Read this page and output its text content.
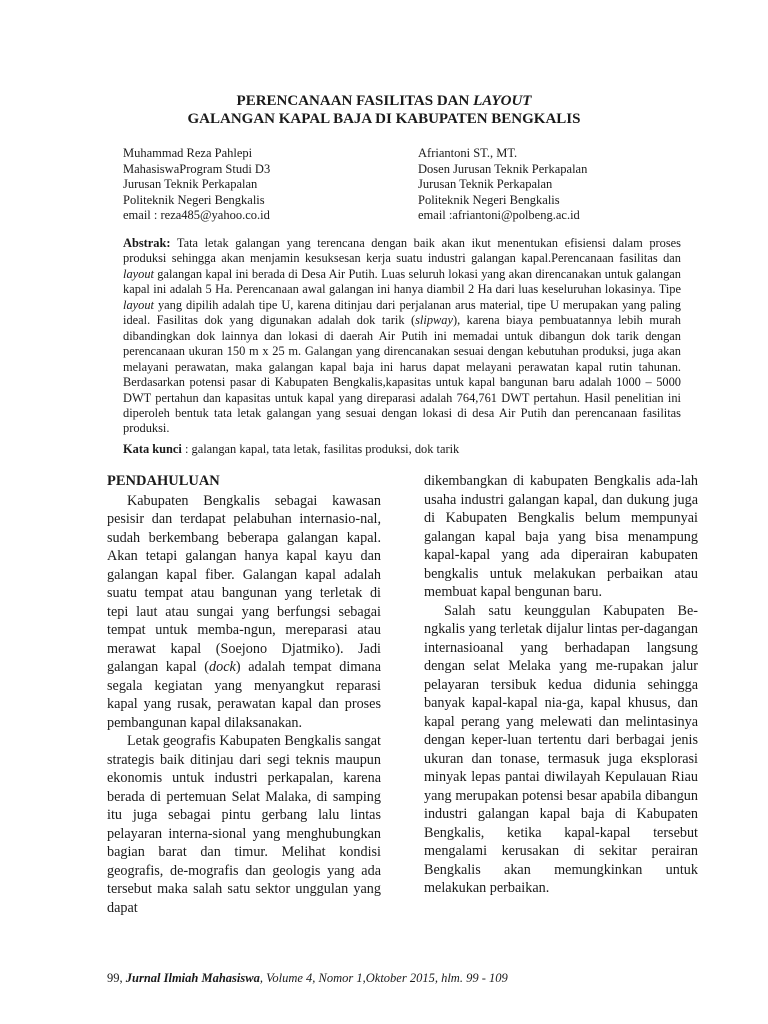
PERENCANAAN FASILITAS DAN LAYOUT
GALANGAN KAPAL BAJA DI KABUPATEN BENGKALIS
Muhammad Reza Pahlepi
MahasiswaProgram Studi D3
Jurusan Teknik Perkapalan
Politeknik Negeri Bengkalis
email : reza485@yahoo.co.id
Afriantoni ST., MT.
Dosen Jurusan Teknik Perkapalan
Jurusan Teknik Perkapalan
Politeknik Negeri Bengkalis
email :afriantoni@polbeng.ac.id
Abstrak: Tata letak galangan yang terencana dengan baik akan ikut menentukan efisiensi dalam proses produksi sehingga akan menjamin kesuksesan kerja suatu industri galangan kapal.Perencanaan fasilitas dan layout galangan kapal ini berada di Desa Air Putih. Luas seluruh lokasi yang akan direncanakan untuk galangan kapal ini adalah 5 Ha. Perencanaan awal galangan ini hanya diambil 2 Ha dari luas keseluruhan lokasinya. Tipe layout yang dipilih adalah tipe U, karena ditinjau dari perjalanan arus material, tipe U merupakan yang paling ideal. Fasilitas dok yang digunakan adalah dok tarik (slipway), karena biaya pembuatannya lebih murah dibandingkan dok lainnya dan lokasi di daerah Air Putih ini memadai untuk dibangun dok tarik dengan perencanaan ukuran 150 m x 25 m. Galangan yang direncanakan sesuai dengan kebutuhan produksi, juga akan melayani perawatan, maka galangan kapal baja ini harus dapat melayani perawatan kapal rutin tahunan. Berdasarkan potensi pasar di Kabupaten Bengkalis,kapasitas untuk kapal bangunan baru adalah 1000 – 5000 DWT pertahun dan kapasitas untuk kapal yang direparasi adalah 764,761 DWT pertahun. Hasil penelitian ini diperoleh bentuk tata letak galangan yang sesuai dengan lokasi di desa Air Putih dan perencanaan fasilitas produksi.
Kata kunci : galangan kapal, tata letak, fasilitas produksi, dok tarik
PENDAHULUAN

Kabupaten Bengkalis sebagai kawasan pesisir dan terdapat pelabuhan internasio-nal, sudah berkembang beberapa galangan kapal. Akan tetapi galangan hanya kapal kayu dan galangan kapal fiber. Galangan kapal adalah suatu tempat atau bangunan yang terletak di tepi laut atau sungai yang berfungsi sebagai tempat untuk memba-ngun, mereparasi atau merawat kapal (Soejono Djatmiko). Jadi galangan kapal (dock) adalah tempat dimana segala kegiatan yang menyangkut reparasi kapal yang rusak, perawatan kapal dan proses pembangunan kapal dilaksanakan.

Letak geografis Kabupaten Bengkalis sangat strategis baik ditinjau dari segi teknis maupun ekonomis untuk industri perkapalan, karena berada di pertemuan Selat Malaka, di samping itu juga sebagai pintu gerbang lalu lintas pelayaran interna-sional yang menghubungkan bagian barat dan timur. Melihat kondisi geografis, de-mografis dan geologis yang ada tersebut maka salah satu sektor unggulan yang dapat

dikembangkan di kabupaten Bengkalis ada-lah usaha industri galangan kapal, dan dukung juga di Kabupaten Bengkalis belum mempunyai galangan kapal baja yang bisa menampung kapal-kapal yang ada diperairan kabupaten bengkalis untuk melakukan perbaikan atau membuat kapal bengunan baru.

Salah satu keunggulan Kabupaten Be-ngkalis yang terletak dijalur lintas per-dagangan internasioanal yang berhadapan langsung dengan selat Melaka yang me-rupakan jalur pelayaran tersibuk kedua didunia sehingga banyak kapal-kapal nia-ga, kapal khusus, dan kapal perang yang melewati dan melintasinya dengan keper-luan tertentu dari berbagai jenis ukuran dan tonase, termasuk juga eksplorasi minyak lepas pantai diwilayah Kepulauan Riau yang merupakan potensi besar apabila dibangun industri galangan kapal baja di Kabupaten Bengkalis, ketika kapal-kapal tersebut mengalami kerusakan di sekitar perairan Bengkalis akan memungkinkan untuk melakukan perbaikan.

99, Jurnal Ilmiah Mahasiswa, Volume 4, Nomor 1,Oktober 2015, hlm. 99 - 109
